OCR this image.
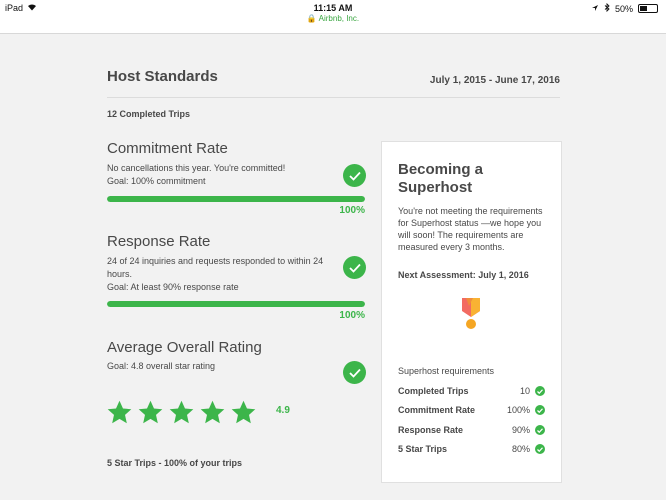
iPad	11:15 AM
🔒 Airbnb, Inc.
50%
Host Standards	July 1, 2015 - June 17, 2016
12 Completed Trips
Commitment Rate
No cancellations this year. You're committed!
Goal: 100% commitment
100%
Response Rate
24 of 24 inquiries and requests responded to within 24
hours.
Goal: At least 90% response rate
100%
Average Overall Rating
Goal: 4.8 overall star rating
4.9
5 Star Trips - 100% of your trips
Becoming a Superhost
You're not meeting the requirements for Superhost status —we hope you will soon! The requirements are measured every 3 months.
Next Assessment: July 1, 2016
Superhost requirements
Completed Trips	10
Commitment Rate	100%
Response Rate	90%
5 Star Trips	80%
